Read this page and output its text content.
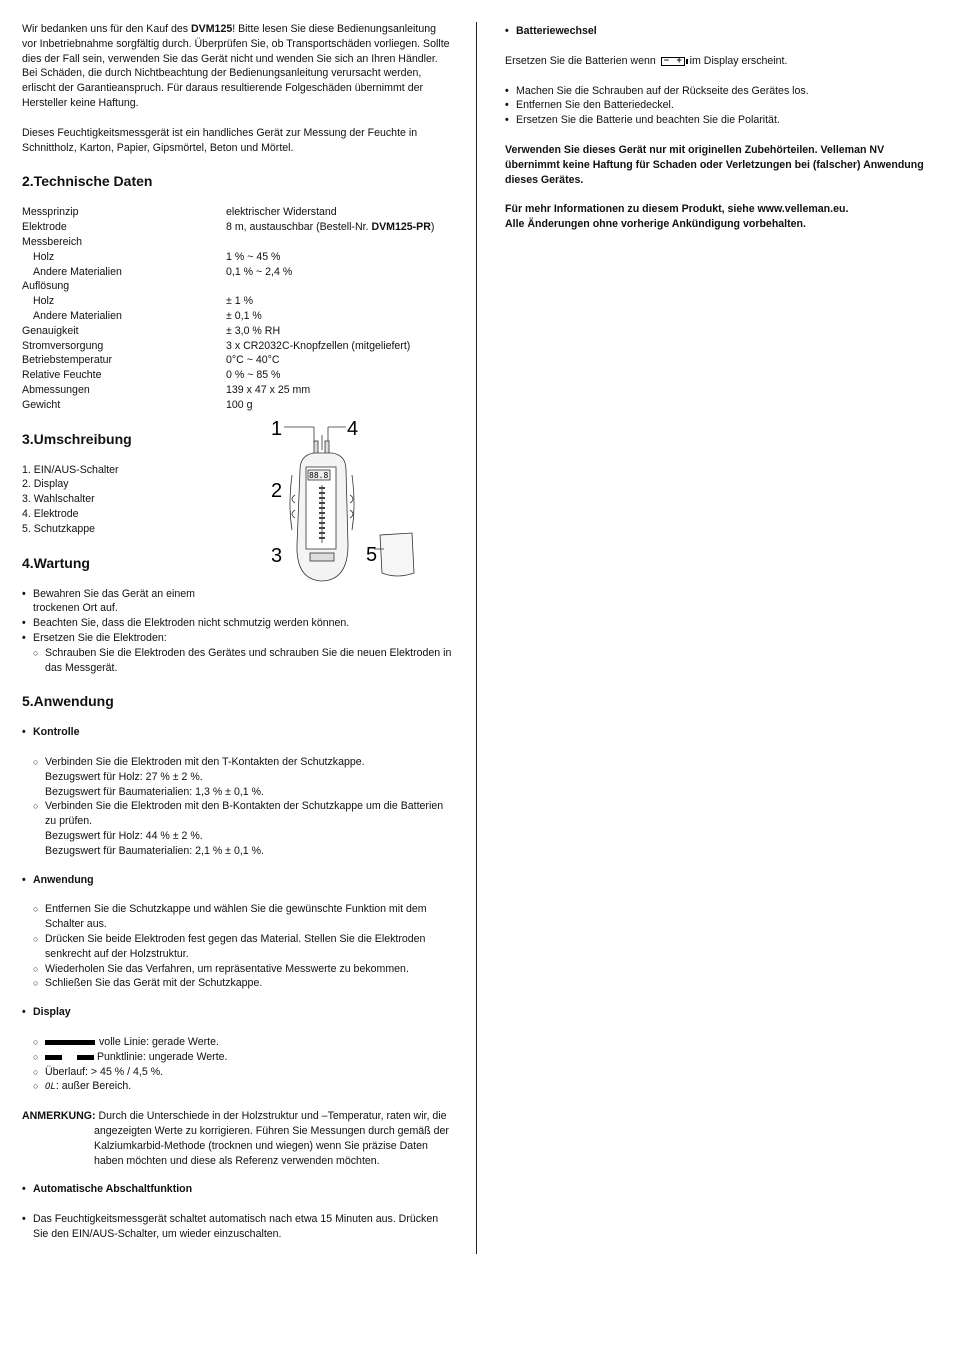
Wir bedanken uns für den Kauf des DVM125! Bitte lesen Sie diese Bedienungsanleitung vor Inbetriebnahme sorgfältig durch. Überprüfen Sie, ob Transportschäden vorliegen. Sollte dies der Fall sein, verwenden Sie das Gerät nicht und wenden Sie sich an Ihren Händler. Bei Schäden, die durch Nichtbeachtung der Bedienungsanleitung verursacht werden, erlischt der Garantieanspruch. Für daraus resultierende Folgeschäden übernimmt der Hersteller keine Haftung.

Dieses Feuchtigkeitsmessgerät ist ein handliches Gerät zur Messung der Feuchte in Schnittholz, Karton, Papier, Gipsmörtel, Beton und Mörtel.

2.Technische Daten
Messprinzip	elektrischer Widerstand
Elektrode	8 m, austauschbar (Bestell-Nr. DVM125-PR)
Messbereich	
Holz	1 % ~ 45 %
Andere Materialien	0,1 % ~ 2,4 %
Auflösung	
Holz	± 1 %
Andere Materialien	± 0,1 %
Genauigkeit	± 3,0 % RH
Stromversorgung	3 x CR2032C-Knopfzellen (mitgeliefert)
Betriebstemperatur	0°C ~ 40°C
Relative Feuchte	0 % ~ 85 %
Abmessungen	139 x 47 x 25 mm
Gewicht	100 g
3.Umschreibung
1. EIN/AUS-Schalter
2. Display
3. Wahlschalter
4. Elektrode
5. Schutzkappe
4.Wartung
• Bewahren Sie das Gerät an einem trockenen Ort auf.
• Beachten Sie, dass die Elektroden nicht schmutzig werden können.
• Ersetzen Sie die Elektroden:
○ Schrauben Sie die Elektroden des Gerätes und schrauben Sie die neuen Elektroden in das Messgerät.
5.Anwendung
• Kontrolle
○ Verbinden Sie die Elektroden mit den T-Kontakten der Schutzkappe.
Bezugswert für Holz: 27 % ± 2 %.
Bezugswert für Baumaterialien: 1,3 % ± 0,1 %.
○ Verbinden Sie die Elektroden mit den B-Kontakten der Schutzkappe um die Batterien zu prüfen.
Bezugswert für Holz: 44 % ± 2 %.
Bezugswert für Baumaterialien: 2,1 % ± 0,1 %.
• Anwendung
○ Entfernen Sie die Schutzkappe und wählen Sie die gewünschte Funktion mit dem Schalter aus.
○ Drücken Sie beide Elektroden fest gegen das Material. Stellen Sie die Elektroden senkrecht auf der Holzstruktur.
○ Wiederholen Sie das Verfahren, um repräsentative Messwerte zu bekommen.
○ Schließen Sie das Gerät mit der Schutzkappe.
• Display
○ volle Linie: gerade Werte.
○ Punktlinie: ungerade Werte.
○ Überlauf: > 45 % / 4,5 %.
○ OL: außer Bereich.
ANMERKUNG: Durch die Unterschiede in der Holzstruktur und –Temperatur, raten wir, die
angezeigten Werte zu korrigieren. Führen Sie Messungen durch gemäß der Kalziumkarbid-Methode (trocknen und wiegen) wenn Sie präzise Daten haben möchten und diese als Referenz verwenden möchten.
• Automatische Abschaltfunktion
• Das Feuchtigkeitsmessgerät schaltet automatisch nach etwa 15 Minuten aus. Drücken Sie den EIN/AUS-Schalter, um wieder einzuschalten.
1	4
2
3	5
88.8
• Batteriewechsel

Ersetzen Sie die Batterien wenn − + im Display erscheint.

• Machen Sie die Schrauben auf der Rückseite des Gerätes los.
• Entfernen Sie den Batteriedeckel.
• Ersetzen Sie die Batterie und beachten Sie die Polarität.

Verwenden Sie dieses Gerät nur mit originellen Zubehörteilen. Velleman NV übernimmt keine Haftung für Schaden oder Verletzungen bei (falscher) Anwendung dieses Gerätes.

Für mehr Informationen zu diesem Produkt, siehe www.velleman.eu.

Alle Änderungen ohne vorherige Ankündigung vorbehalten.
